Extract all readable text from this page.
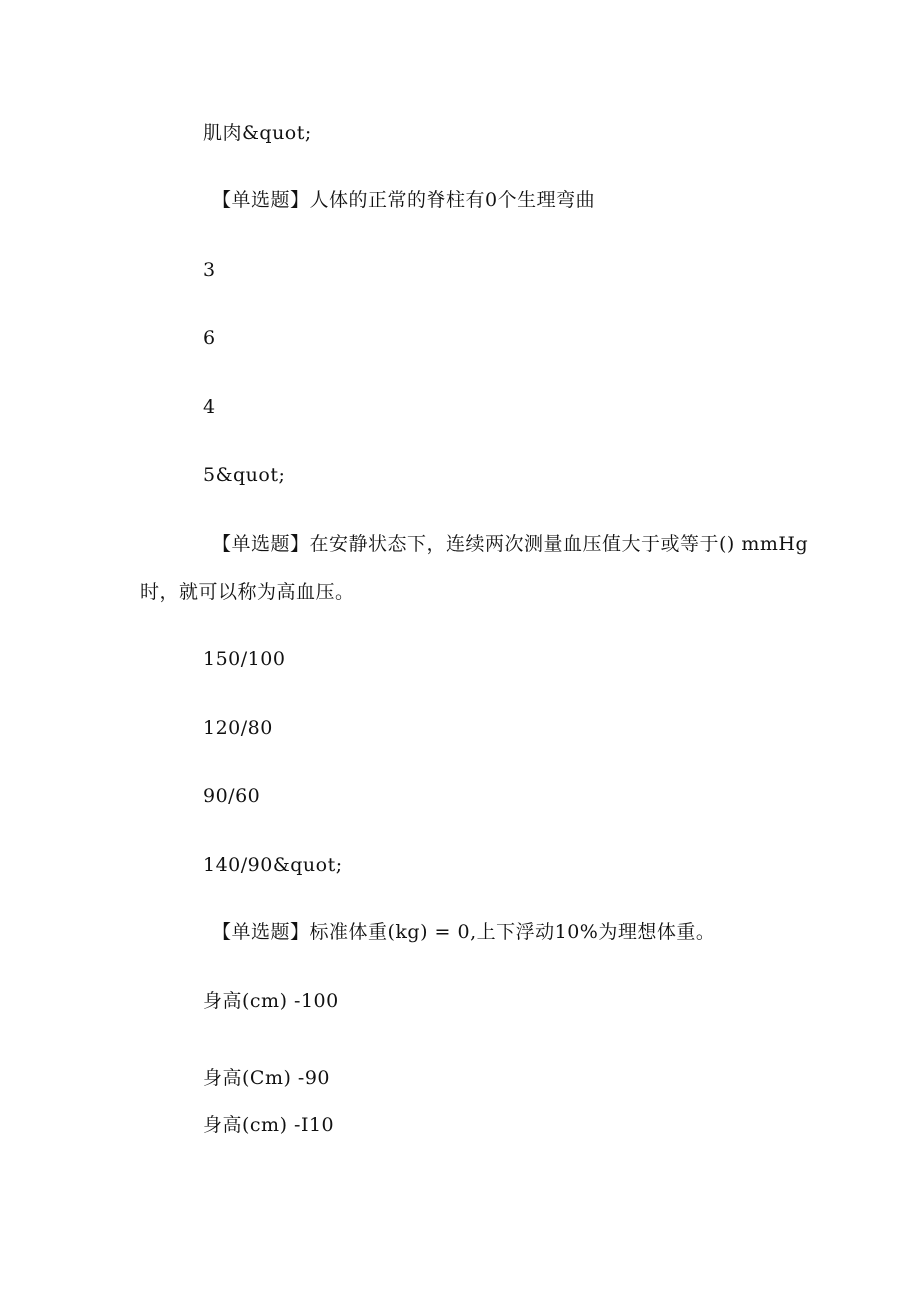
肌肉&quot;
【单选题】人体的正常的脊柱有0个生理弯曲
3
6
4
5&quot;
【单选题】在安静状态下，连续两次测量血压值大于或等于() mmHg
时，就可以称为高血压。
150/100
120/80
90/60
140/90&quot;
【单选题】标准体重(kg) = 0,上下浮动10%为理想体重。
身高(cm) -100
身高(Cm) -90
身高(cm) -I10
